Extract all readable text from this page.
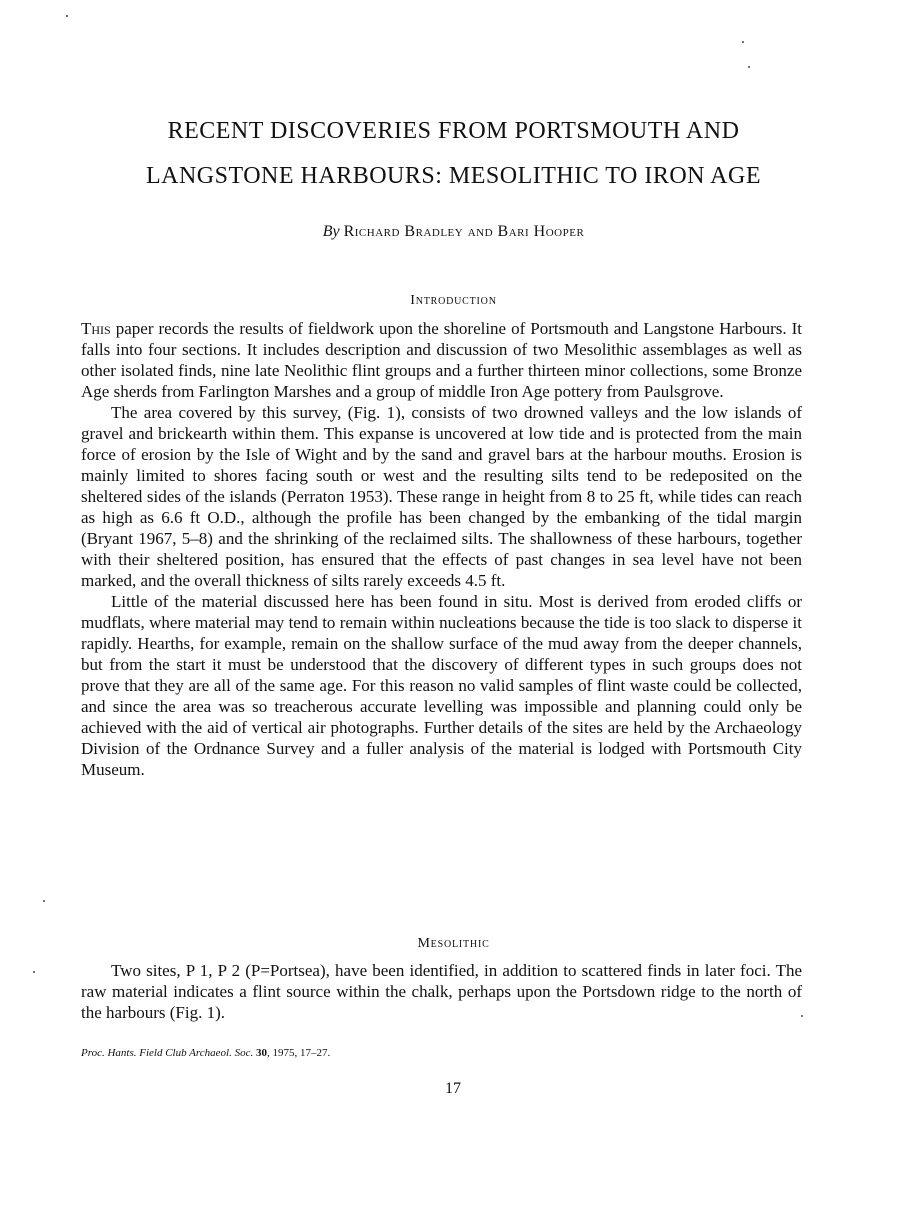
RECENT DISCOVERIES FROM PORTSMOUTH AND
LANGSTONE HARBOURS: MESOLITHIC TO IRON AGE

By Richard Bradley and Bari Hooper

Introduction

This paper records the results of fieldwork upon the shoreline of Portsmouth and Langstone Harbours. It falls into four sections. It includes description and discussion of two Mesolithic assemblages as well as other isolated finds, nine late Neolithic flint groups and a further thirteen minor collections, some Bronze Age sherds from Farlington Marshes and a group of middle Iron Age pottery from Paulsgrove.

The area covered by this survey, (Fig. 1), consists of two drowned valleys and the low islands of gravel and brickearth within them. This expanse is uncovered at low tide and is protected from the main force of erosion by the Isle of Wight and by the sand and gravel bars at the harbour mouths. Erosion is mainly limited to shores facing south or west and the resulting silts tend to be redeposited on the sheltered sides of the islands (Perraton 1953). These range in height from 8 to 25 ft, while tides can reach as high as 6.6 ft O.D., although the profile has been changed by the embanking of the tidal margin (Bryant 1967, 5–8) and the shrinking of the reclaimed silts. The shallowness of these harbours, together with their sheltered position, has ensured that the effects of past changes in sea level have not been marked, and the overall thickness of silts rarely exceeds 4.5 ft.

Little of the material discussed here has been found in situ. Most is derived from eroded cliffs or mudflats, where material may tend to remain within nucleations because the tide is too slack to disperse it rapidly. Hearths, for example, remain on the shallow surface of the mud away from the deeper channels, but from the start it must be understood that the discovery of different types in such groups does not prove that they are all of the same age. For this reason no valid samples of flint waste could be collected, and since the area was so treacherous accurate levelling was impossible and planning could only be achieved with the aid of vertical air photographs. Further details of the sites are held by the Archaeology Division of the Ordnance Survey and a fuller analysis of the material is lodged with Portsmouth City Museum.

Mesolithic

Two sites, P 1, P 2 (P=Portsea), have been identified, in addition to scattered finds in later foci. The raw material indicates a flint source within the chalk, perhaps upon the Portsdown ridge to the north of the harbours (Fig. 1).

Proc. Hants. Field Club Archaeol. Soc. 30, 1975, 17–27.

17
